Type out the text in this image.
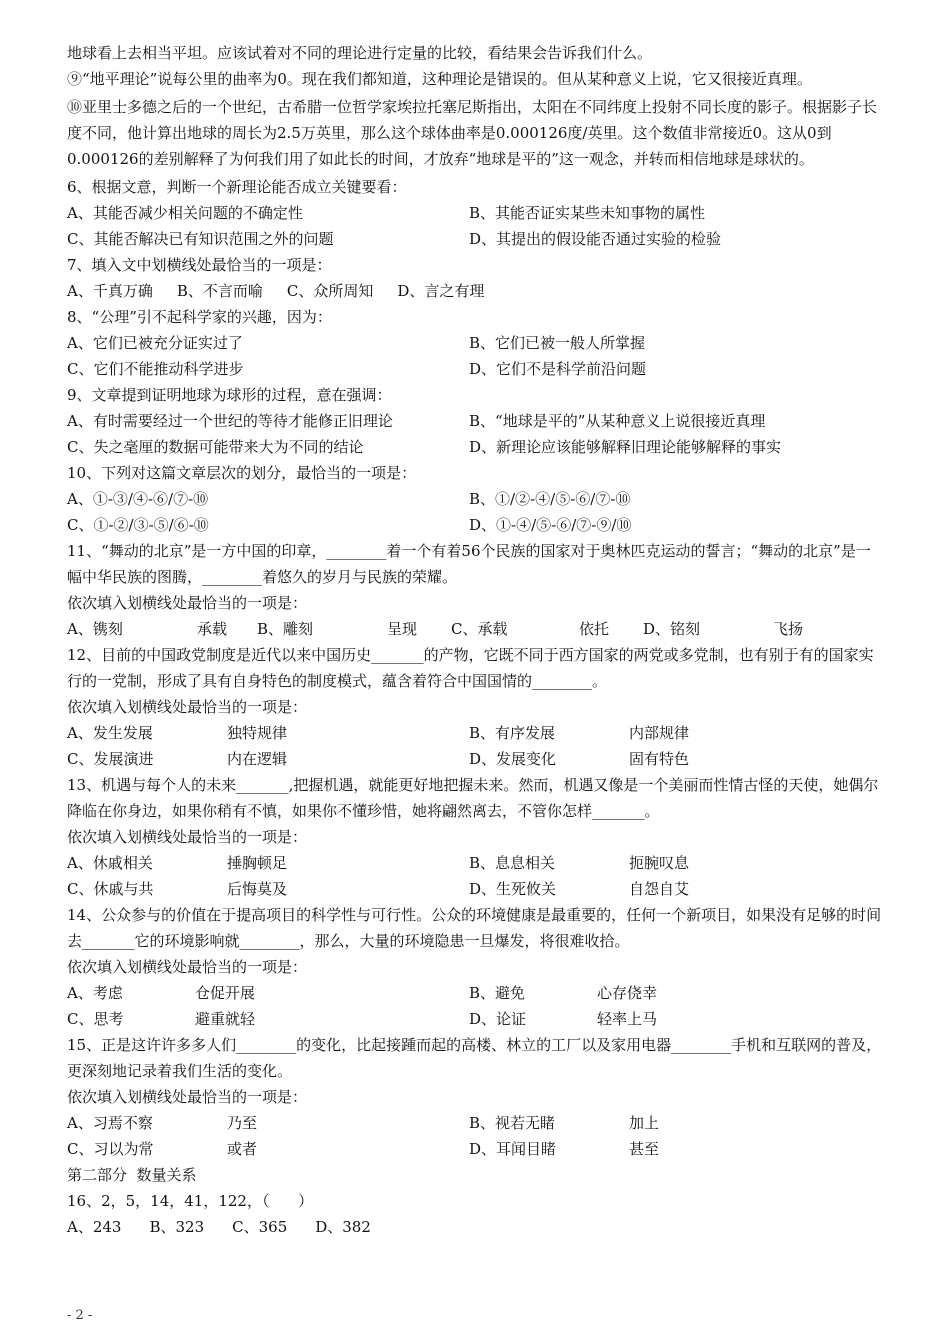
地球看上去相当平坦。应该试着对不同的理论进行定量的比较，看结果会告诉我们什么。

⑨“地平理论”说每公里的曲率为0。现在我们都知道，这种理论是错误的。但从某种意义上说，它又很接近真理。

⑩亚里士多德之后的一个世纪，古希腊一位哲学家埃拉托塞尼斯指出，太阳在不同纬度上投射不同长度的影子。根据影子长度不同，他计算出地球的周长为2.5万英里，那么这个球体曲率是0.000126度/英里。这个数值非常接近0。这从0到0.000126的差别解释了为何我们用了如此长的时间，才放弃“地球是平的”这一观念，并转而相信地球是球状的。

6、根据文意，判断一个新理论能否成立关键要看：

A、其能否减少相关问题的不确定性	B、其能否证实某些未知事物的属性
C、其能否解决已有知识范围之外的问题	D、其提出的假设能否通过实验的检验

7、填入文中划横线处最恰当的一项是：

A、千真万确 B、不言而喻 C、众所周知 D、言之有理

8、“公理”引不起科学家的兴趣，因为：

A、它们已被充分证实过了	B、它们已被一般人所掌握
C、它们不能推动科学进步	D、它们不是科学前沿问题

9、文章提到证明地球为球形的过程，意在强调：

A、有时需要经过一个世纪的等待才能修正旧理论	B、“地球是平的”从某种意义上说很接近真理
C、失之毫厘的数据可能带来大为不同的结论	D、新理论应该能够解释旧理论能够解释的事实

10、下列对这篇文章层次的划分，最恰当的一项是：

A、①-③/④-⑥/⑦-⑩	B、①/②-④/⑤-⑥/⑦-⑩
C、①-②/③-⑤/⑥-⑩	D、①-④/⑤-⑥/⑦-⑨/⑩

11、“舞动的北京”是一方中国的印章，________着一个有着56个民族的国家对于奥林匹克运动的誓言；“舞动的北京”是一幅中华民族的图腾，________着悠久的岁月与民族的荣耀。

依次填入划横线处最恰当的一项是：

A、镌刻	承载	B、雕刻	呈现	C、承载	依托	D、铭刻	飞扬

12、目前的中国政党制度是近代以来中国历史_______的产物，它既不同于西方国家的两党或多党制，也有别于有的国家实行的一党制，形成了具有自身特色的制度模式，蕴含着符合中国国情的________。

依次填入划横线处最恰当的一项是：

A、发生发展	独特规律	B、有序发展	内部规律
C、发展演进	内在逻辑	D、发展变化	固有特色

13、机遇与每个人的未来_______,把握机遇，就能更好地把握未来。然而，机遇又像是一个美丽而性情古怪的天使，她偶尔降临在你身边，如果你稍有不慎，如果你不懂珍惜，她将翩然离去，不管你怎样_______。

依次填入划横线处最恰当的一项是：

A、休戚相关	捶胸顿足	B、息息相关	扼腕叹息
C、休戚与共	后悔莫及	D、生死攸关	自怨自艾

14、公众参与的价值在于提高项目的科学性与可行性。公众的环境健康是最重要的，任何一个新项目，如果没有足够的时间去_______它的环境影响就________，那么，大量的环境隐患一旦爆发，将很难收拾。

依次填入划横线处最恰当的一项是：

A、考虑	仓促开展	B、避免	心存侥幸
C、思考	避重就轻	D、论证	轻率上马

15、正是这许许多多人们________的变化，比起接踵而起的高楼、林立的工厂以及家用电器________手机和互联网的普及，更深刻地记录着我们生活的变化。

依次填入划横线处最恰当的一项是：

A、习焉不察	乃至	B、视若无睹	加上
C、习以为常	或者	D、耳闻目睹	甚至

第二部分  数量关系

16、2，5，14，41，122，（      ）

A、243 B、323 C、365 D、382
- 2 -
